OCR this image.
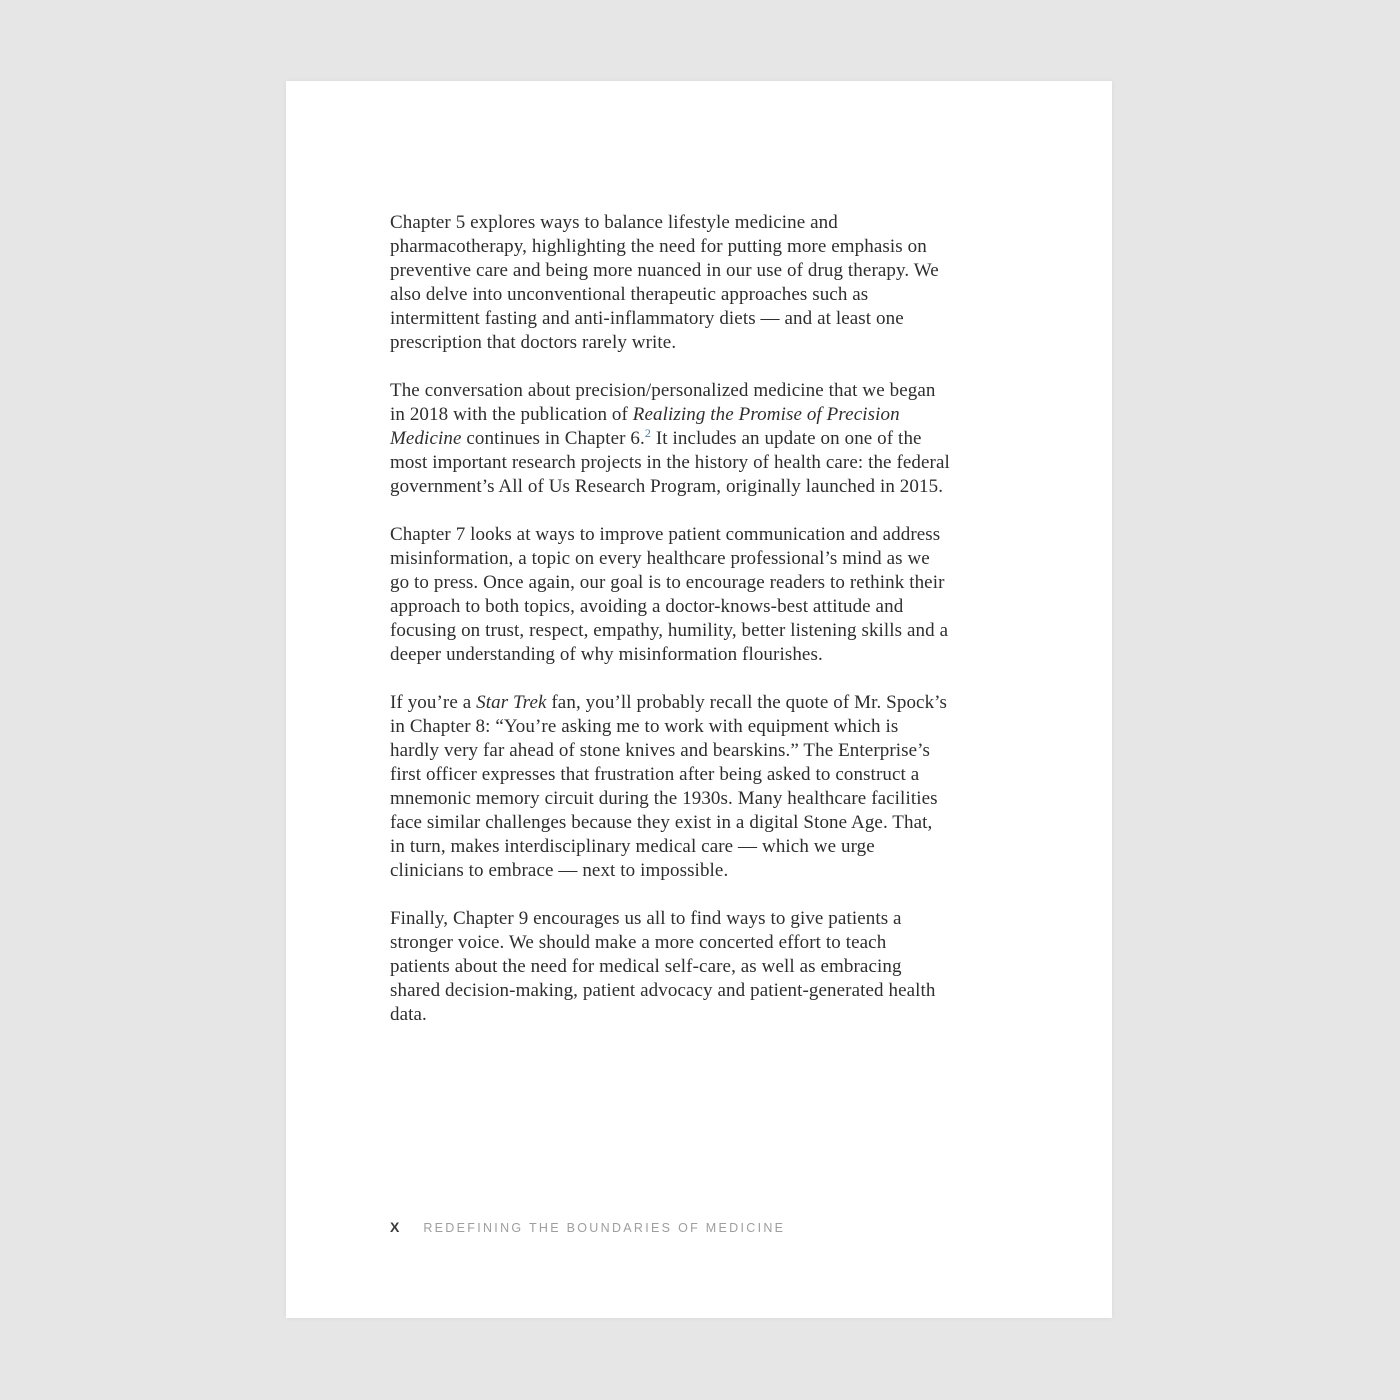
Chapter 5 explores ways to balance lifestyle medicine and pharmacotherapy, highlighting the need for putting more emphasis on preventive care and being more nuanced in our use of drug therapy. We also delve into unconventional therapeutic approaches such as intermittent fasting and anti-inflammatory diets — and at least one prescription that doctors rarely write.

The conversation about precision/personalized medicine that we began in 2018 with the publication of Realizing the Promise of Precision Medicine continues in Chapter 6.$^2$ It includes an update on one of the most important research projects in the history of health care: the federal government’s All of Us Research Program, originally launched in 2015.

Chapter 7 looks at ways to improve patient communication and address misinformation, a topic on every healthcare professional’s mind as we go to press. Once again, our goal is to encourage readers to rethink their approach to both topics, avoiding a doctor-knows-best attitude and focusing on trust, respect, empathy, humility, better listening skills and a deeper understanding of why misinformation flourishes.

If you’re a Star Trek fan, you’ll probably recall the quote of Mr. Spock’s in Chapter 8: “You’re asking me to work with equipment which is hardly very far ahead of stone knives and bearskins.” The Enterprise’s first officer expresses that frustration after being asked to construct a mnemonic memory circuit during the 1930s. Many healthcare facilities face similar challenges because they exist in a digital Stone Age. That, in turn, makes interdisciplinary medical care — which we urge clinicians to embrace — next to impossible.

Finally, Chapter 9 encourages us all to find ways to give patients a stronger voice. We should make a more concerted effort to teach patients about the need for medical self-care, as well as embracing shared decision-making, patient advocacy and patient-generated health data.

X REDEFINING THE BOUNDARIES OF MEDICINE
